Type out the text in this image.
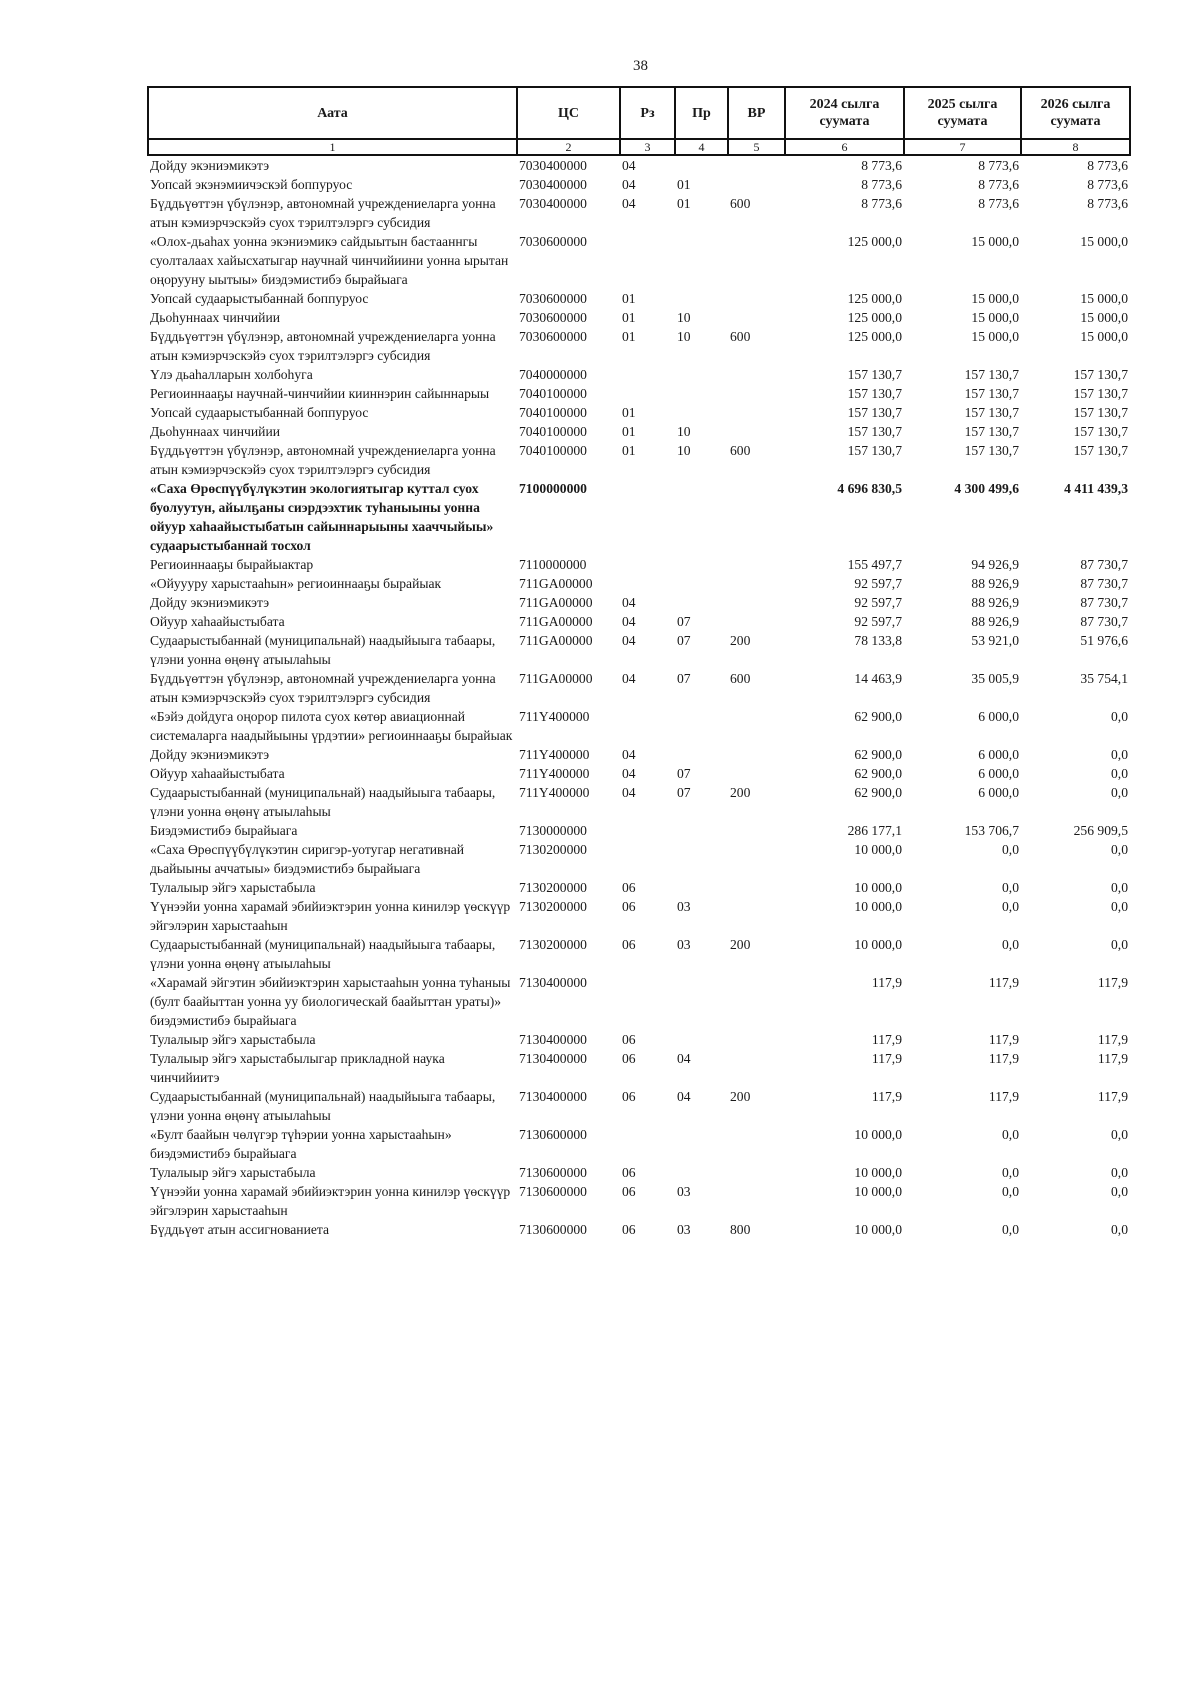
38
Аата	ЦС	Рз	Пр	ВР	2024 сылга суумата	2025 сылга суумата	2026 сылга суумата
1	2	3	4	5	6	7	8
Дойду экэниэмикэтэ	7030400000	04			8 773,6	8 773,6	8 773,6
Уопсай экэнэмиичэскэй боппуруос	7030400000	04	01		8 773,6	8 773,6	8 773,6
Бүддьүөттэн үбүлэнэр, автономнай учреждениеларга уонна атын кэмиэрчэскэйэ суох тэрилтэлэргэ субсидия	7030400000	04	01	600	8 773,6	8 773,6	8 773,6
«Олох-дьаһах уонна экэниэмикэ сайдыытын бастааннгы суолталаах хайысхатыгар научнай чинчийиини уонна ырытан оңорууну ыытыы» биэдэмистибэ бырайыага	7030600000				125 000,0	15 000,0	15 000,0
Уопсай судаарыстыбаннай боппуруос	7030600000	01			125 000,0	15 000,0	15 000,0
Дьоһуннаах чинчийии	7030600000	01	10		125 000,0	15 000,0	15 000,0
Бүддьүөттэн үбүлэнэр, автономнай учреждениеларга уонна атын кэмиэрчэскэйэ суох тэрилтэлэргэ субсидия	7030600000	01	10	600	125 000,0	15 000,0	15 000,0
Үлэ дьаһалларын холбоһуга	7040000000				157 130,7	157 130,7	157 130,7
Региоиннааҕы научнай-чинчийии кииннэрин сайыннарыы	7040100000				157 130,7	157 130,7	157 130,7
Уопсай судаарыстыбаннай боппуруос	7040100000	01			157 130,7	157 130,7	157 130,7
Дьоһуннаах чинчийии	7040100000	01	10		157 130,7	157 130,7	157 130,7
Бүддьүөттэн үбүлэнэр, автономнай учреждениеларга уонна атын кэмиэрчэскэйэ суох тэрилтэлэргэ субсидия	7040100000	01	10	600	157 130,7	157 130,7	157 130,7
«Саха Өрөспүүбүлүкэтин экологиятыгар куттал суох буолуутун, айылҕаны сиэрдээхтик туһаныыны уонна ойуур хаһаайыстыбатын сайыннарыыны хааччыйыы» судаарыстыбаннай тосхол	7100000000				4 696 830,5	4 300 499,6	4 411 439,3
Региоиннааҕы бырайыактар	7110000000				155 497,7	94 926,9	87 730,7
«Ойуууру харыстааһын» региоиннааҕы бырайыак	711GA00000				92 597,7	88 926,9	87 730,7
Дойду экэниэмикэтэ	711GA00000	04			92 597,7	88 926,9	87 730,7
Ойуур хаһаайыстыбата	711GA00000	04	07		92 597,7	88 926,9	87 730,7
Судаарыстыбаннай (муниципальнай) наадыйыыга табаары, үлэни уонна өңөнү атыылаһыы	711GA00000	04	07	200	78 133,8	53 921,0	51 976,6
Бүддьүөттэн үбүлэнэр, автономнай учреждениеларга уонна атын кэмиэрчэскэйэ суох тэрилтэлэргэ субсидия	711GA00000	04	07	600	14 463,9	35 005,9	35 754,1
«Бэйэ дойдуга оңорор пилота суох көтөр авиационнай системаларга наадыйыыны үрдэтии» региоиннааҕы бырайыак	711Y400000				62 900,0	6 000,0	0,0
Дойду экэниэмикэтэ	711Y400000	04			62 900,0	6 000,0	0,0
Ойуур хаһаайыстыбата	711Y400000	04	07		62 900,0	6 000,0	0,0
Судаарыстыбаннай (муниципальнай) наадыйыыга табаары, үлэни уонна өңөнү атыылаһыы	711Y400000	04	07	200	62 900,0	6 000,0	0,0
Биэдэмистибэ бырайыага	7130000000				286 177,1	153 706,7	256 909,5
«Саха Өрөспүүбүлүкэтин сиригэр-уотугар негативнай дьайыыны аччатыы» биэдэмистибэ бырайыага	7130200000				10 000,0	0,0	0,0
Тулалыыр эйгэ харыстабыла	7130200000	06			10 000,0	0,0	0,0
Үүнээйи уонна харамай эбийиэктэрин уонна кинилэр үөскүүр эйгэлэрин харыстааһын	7130200000	06	03		10 000,0	0,0	0,0
Судаарыстыбаннай (муниципальнай) наадыйыыга табаары, үлэни уонна өңөнү атыылаһыы	7130200000	06	03	200	10 000,0	0,0	0,0
«Харамай эйгэтин эбийиэктэрин харыстааһын уонна туһаныы (булт баайыттан уонна уу биологическай баайыттан ураты)» биэдэмистибэ бырайыага	7130400000				117,9	117,9	117,9
Тулалыыр эйгэ харыстабыла	7130400000	06			117,9	117,9	117,9
Тулалыыр эйгэ харыстабылыгар прикладной наука чинчийиитэ	7130400000	06	04		117,9	117,9	117,9
Судаарыстыбаннай (муниципальнай) наадыйыыга табаары, үлэни уонна өңөнү атыылаһыы	7130400000	06	04	200	117,9	117,9	117,9
«Булт баайын чөлүгэр түһэрии уонна харыстааһын» биэдэмистибэ бырайыага	7130600000				10 000,0	0,0	0,0
Тулалыыр эйгэ харыстабыла	7130600000	06			10 000,0	0,0	0,0
Үүнээйи уонна харамай эбийиэктэрин уонна кинилэр үөскүүр эйгэлэрин харыстааһын	7130600000	06	03		10 000,0	0,0	0,0
Бүддьүөт атын ассигнованиета	7130600000	06	03	800	10 000,0	0,0	0,0
